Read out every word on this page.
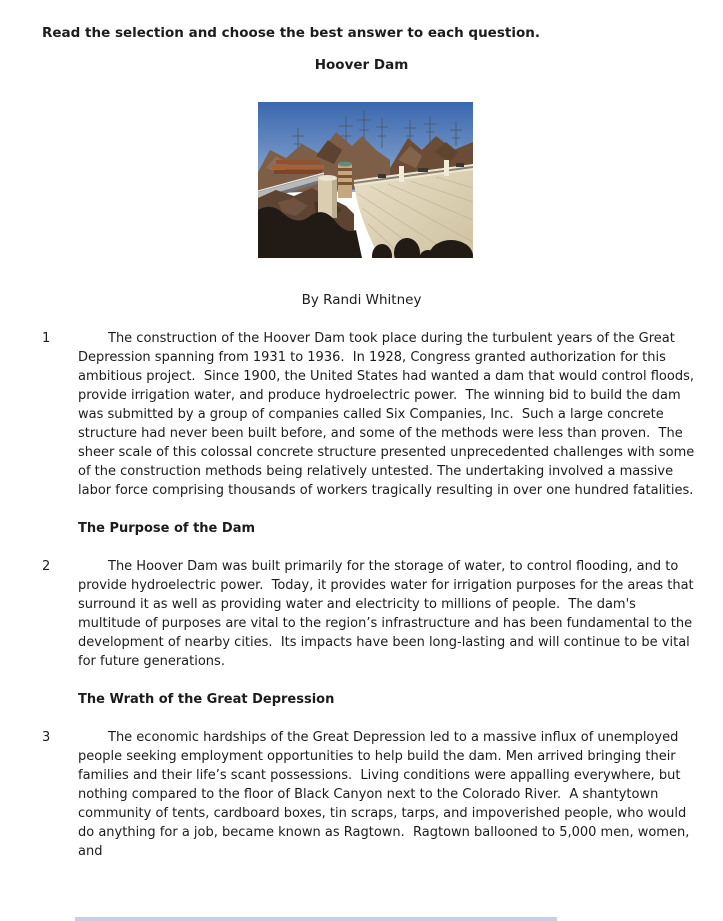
Read the selection and choose the best answer to each question.
Hoover Dam
By Randi Whitney
1	The construction of the Hoover Dam took place during the turbulent years of the Great Depression spanning from 1931 to 1936.  In 1928, Congress granted authorization for this ambitious project.  Since 1900, the United States had wanted a dam that would control floods, provide irrigation water, and produce hydroelectric power.  The winning bid to build the dam was submitted by a group of companies called Six Companies, Inc.  Such a large concrete structure had never been built before, and some of the methods were less than proven.  The sheer scale of this colossal concrete structure presented unprecedented challenges with some of the construction methods being relatively untested. The undertaking involved a massive labor force comprising thousands of workers tragically resulting in over one hundred fatalities.
The Purpose of the Dam
2	The Hoover Dam was built primarily for the storage of water, to control flooding, and to provide hydroelectric power.  Today, it provides water for irrigation purposes for the areas that surround it as well as providing water and electricity to millions of people.  The dam's multitude of purposes are vital to the region’s infrastructure and has been fundamental to the development of nearby cities.  Its impacts have been long-lasting and will continue to be vital for future generations.
The Wrath of the Great Depression
3	The economic hardships of the Great Depression led to a massive influx of unemployed people seeking employment opportunities to help build the dam. Men arrived bringing their families and their life’s scant possessions.  Living conditions were appalling everywhere, but nothing compared to the floor of Black Canyon next to the Colorado River.  A shantytown community of tents, cardboard boxes, tin scraps, tarps, and impoverished people, who would do anything for a job, became known as Ragtown.  Ragtown ballooned to 5,000 men, women, and
